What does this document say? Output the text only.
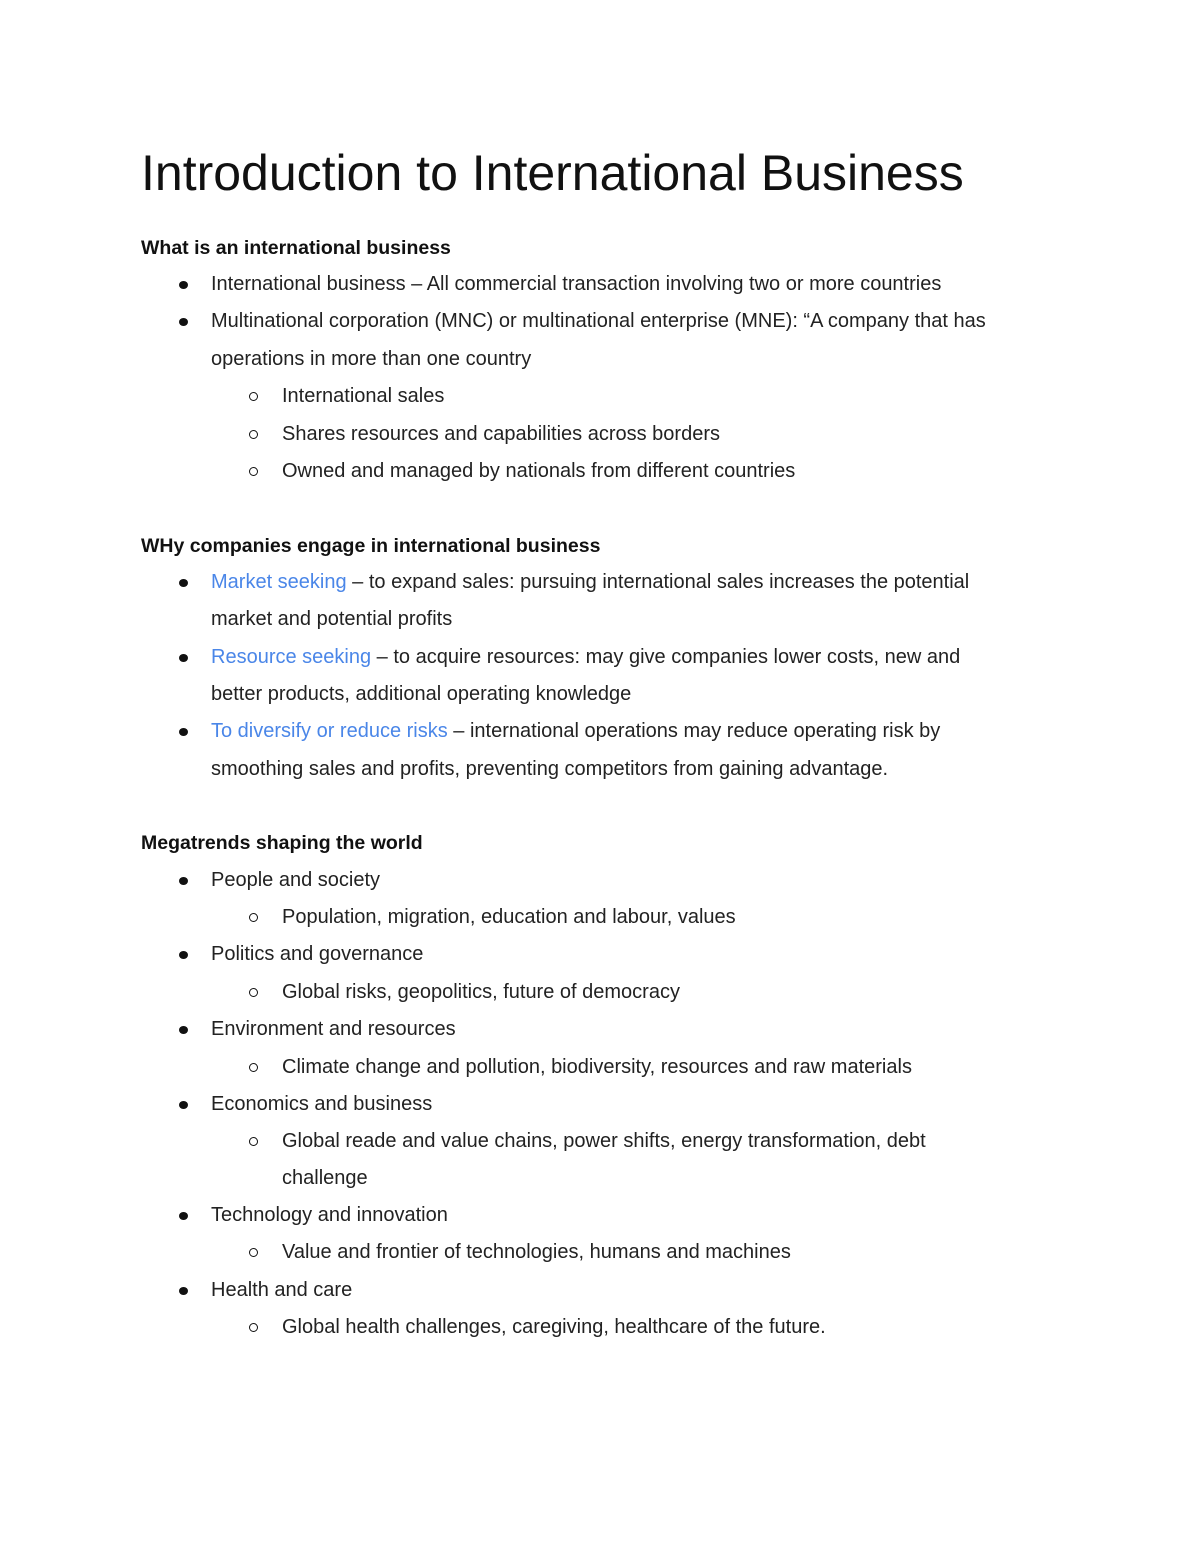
Introduction to International Business
What is an international business
International business – All commercial transaction involving two or more countries
Multinational corporation (MNC) or multinational enterprise (MNE): “A company that has
operations in more than one country
International sales
Shares resources and capabilities across borders
Owned and managed by nationals from different countries
WHy companies engage in international business
Market seeking – to expand sales: pursuing international sales increases the potential
market and potential profits
Resource seeking – to acquire resources: may give companies lower costs, new and
better products, additional operating knowledge
To diversify or reduce risks – international operations may reduce operating risk by
smoothing sales and profits, preventing competitors from gaining advantage.
Megatrends shaping the world
People and society
Population, migration, education and labour, values
Politics and governance
Global risks, geopolitics, future of democracy
Environment and resources
Climate change and pollution, biodiversity, resources and raw materials
Economics and business
Global reade and value chains, power shifts, energy transformation, debt
challenge
Technology and innovation
Value and frontier of technologies, humans and machines
Health and care
Global health challenges, caregiving, healthcare of the future.
